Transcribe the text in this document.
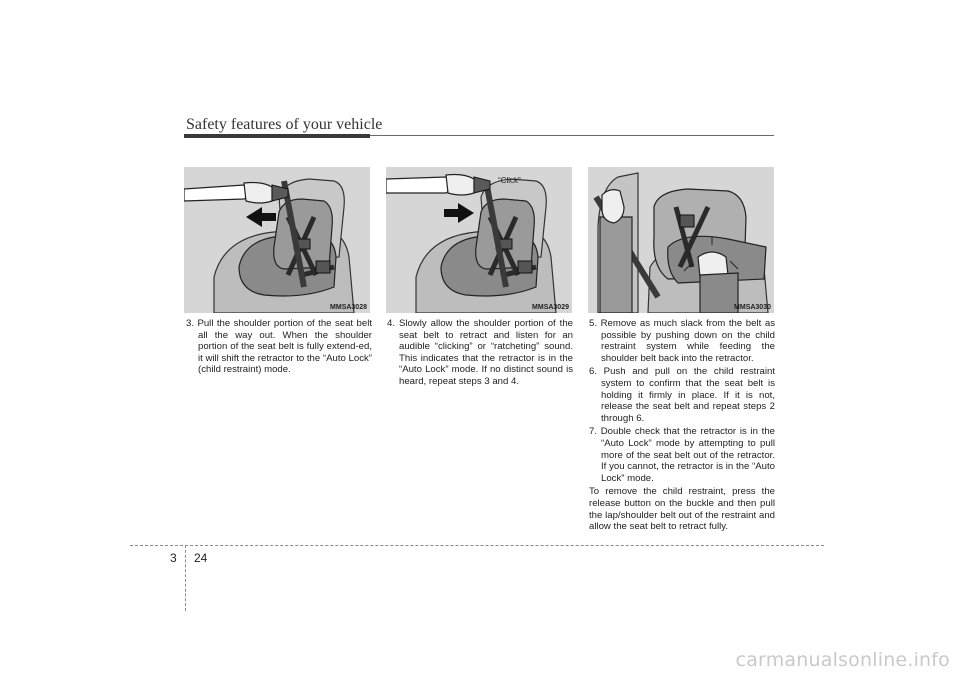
Safety features of your vehicle
MMSA3028
“Click”
MMSA3029	MMSA3030

3. Pull the shoulder portion of the seat belt all the way out. When the shoulder portion of the seat belt is fully extend-ed, it will shift the retractor to the “Auto Lock” (child restraint) mode.

4. Slowly allow the shoulder portion of the seat belt to retract and listen for an audible “clicking” or “ratcheting” sound. This indicates that the retractor is in the “Auto Lock” mode. If no distinct sound is heard, repeat steps 3 and 4.

5. Remove as much slack from the belt as possible by pushing down on the child restraint system while feeding the shoulder belt back into the retractor.

6. Push and pull on the child restraint system to confirm that the seat belt is holding it firmly in place. If it is not, release the seat belt and repeat steps 2 through 6.

7. Double check that the retractor is in the “Auto Lock” mode by attempting to pull more of the seat belt out of the retractor. If you cannot, the retractor is in the “Auto Lock” mode.

To remove the child restraint, press the release button on the buckle and then pull the lap/shoulder belt out of the restraint and allow the seat belt to retract fully.

3 24
carmanualsonline.info
